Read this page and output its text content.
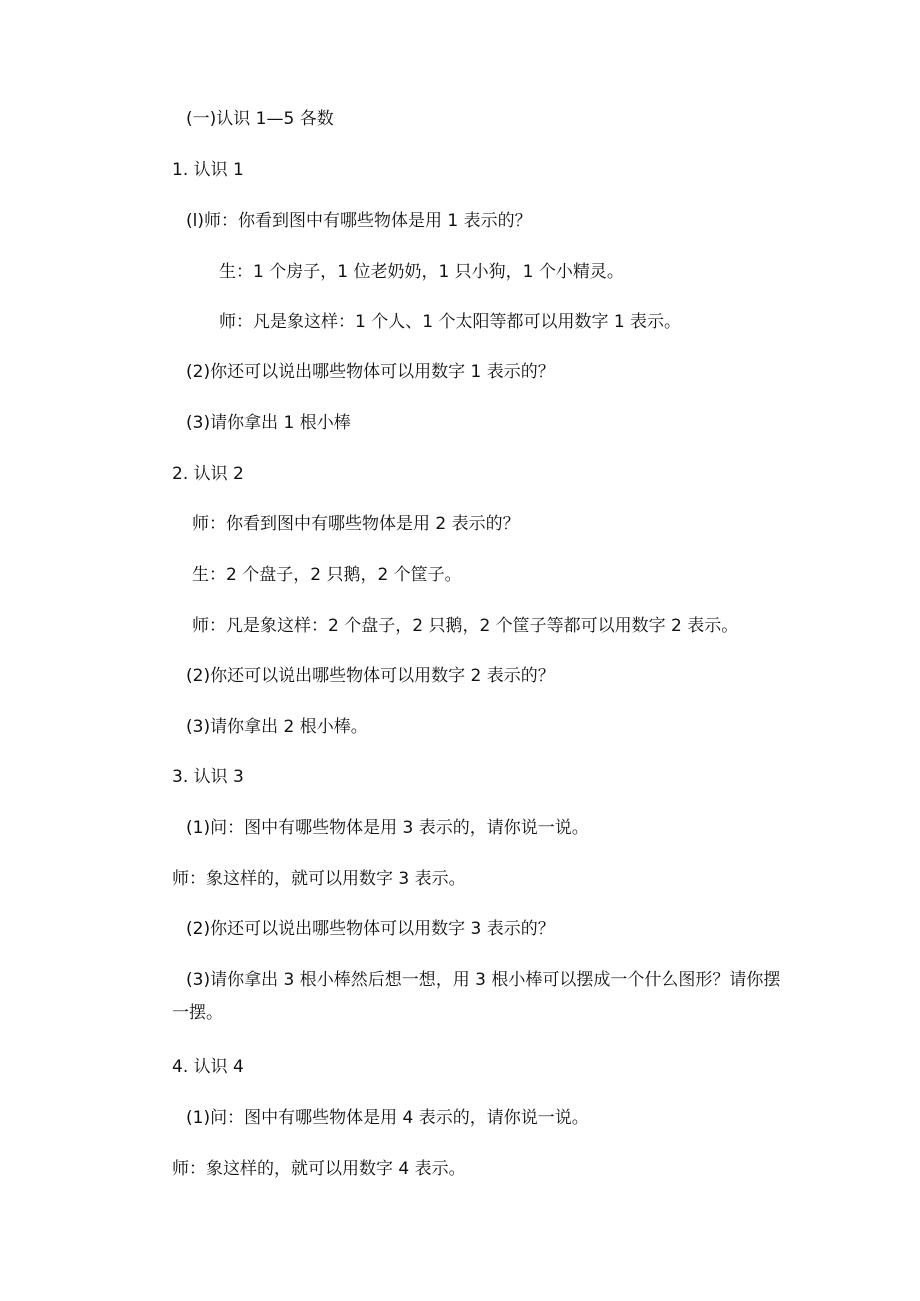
(一)认识 1—5 各数
1. 认识 1
(l)师：你看到图中有哪些物体是用 1 表示的？
生：1 个房子，1 位老奶奶，1 只小狗，1 个小精灵。
师：凡是象这样：1 个人、1 个太阳等都可以用数字 1 表示。
(2)你还可以说出哪些物体可以用数字 1 表示的？
(3)请你拿出 1 根小棒
2. 认识 2
师：你看到图中有哪些物体是用 2 表示的？
生：2 个盘子，2 只鹅，2 个筐子。
师：凡是象这样：2 个盘子，2 只鹅，2 个筐子等都可以用数字 2 表示。
(2)你还可以说出哪些物体可以用数字 2 表示的？
(3)请你拿出 2 根小棒。
3. 认识 3
(1)问：图中有哪些物体是用 3 表示的，请你说一说。
师：象这样的，就可以用数字 3 表示。
(2)你还可以说出哪些物体可以用数字 3 表示的？
(3)请你拿出 3 根小棒然后想一想，用 3 根小棒可以摆成一个什么图形？请你摆一摆。
4. 认识 4
(1)问：图中有哪些物体是用 4 表示的，请你说一说。
师：象这样的，就可以用数字 4 表示。
